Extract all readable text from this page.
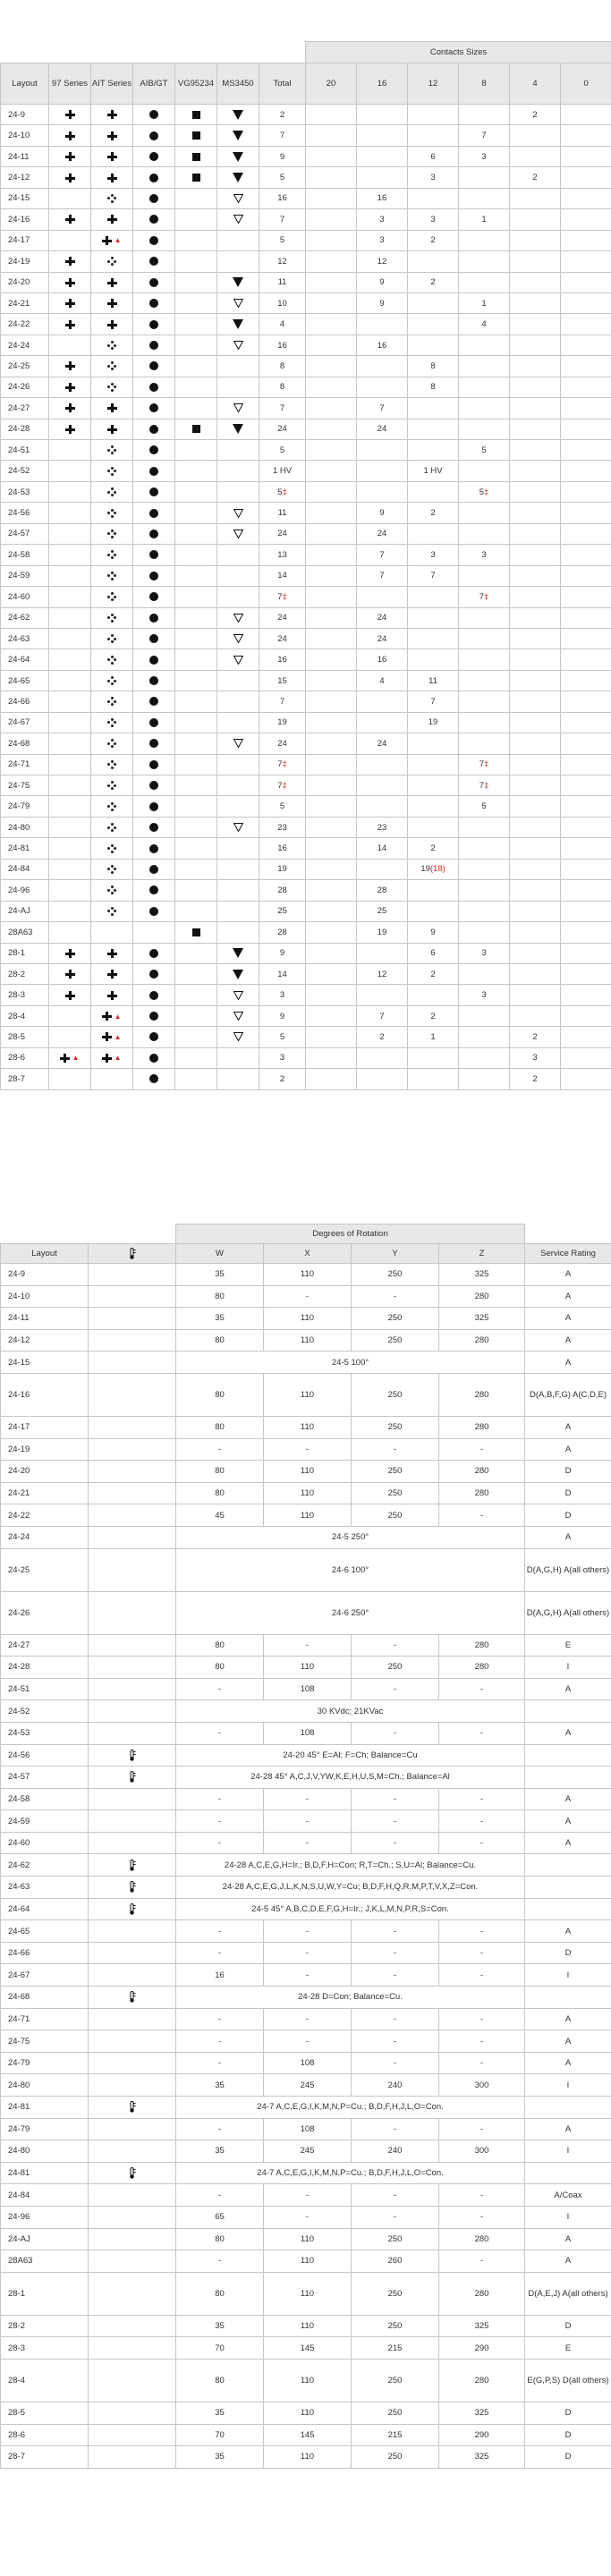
							Contacts Sizes					
Layout	97 Series	AIT Series	AIB/GT	VG95234	MS3450	Total	20	16	12	8	4	0
24-9						2					2	
24-10						7				7		
24-11						9			6	3		
24-12						5			3		2	
24-15						16		16				
24-16						7		3	3	1		
24-17		▲				5		3	2			
24-19						12		12				
24-20						11		9	2			
24-21						10		9		1		
24-22						4				4		
24-24						16		16				
24-25						8			8			
24-26						8			8			
24-27						7		7				
24-28						24		24				
24-51						5				5		
24-52						1 HV			1 HV			
24-53						5‡				5‡		
24-56						11		9	2			
24-57						24		24				
24-58						13		7	3	3		
24-59						14		7	7			
24-60						7‡				7‡		
24-62						24		24				
24-63						24		24				
24-64						16		16				
24-65						15		4	11			
24-66						7			7			
24-67						19			19			
24-68						24		24				
24-71						7‡				7‡		
24-75						7‡				7‡		
24-79						5				5		
24-80						23		23				
24-81						16		14	2			
24-84						19			19(18)			
24-96						28		28				
24-AJ						25		25				
28A63						28		19	9			
28-1						9			6	3		
28-2						14		12	2			
28-3						3				3		
28-4		▲				9		7	2			
28-5		▲				5		2	1		2	
28-6	▲	▲				3					3	
28-7						2					2	
		Degrees of Rotation				
Layout		W	X	Y	Z	Service Rating
24-9		35	110	250	325	A
24-10		80	-	-	280	A
24-11		35	110	250	325	A
24-12		80	110	250	280	A
24-15		24-5 100°				A
24-16		80	110	250	280	D(A,B,F,G) A(C,D,E)
24-17		80	110	250	280	A
24-19		-	-	-	-	A
24-20		80	110	250	280	D
24-21		80	110	250	280	D
24-22		45	110	250	-	D
24-24		24-5 250°				A
24-25		24-6 100°				D(A,G,H) A(all others)
24-26		24-6 250°				D(A,G,H) A(all others)
24-27		80	-	-	280	E
24-28		80	110	250	280	I
24-51		-	108	-	-	A
24-52		30 KVdc; 21KVac				
24-53		-	108	-	-	A
24-56		24-20 45° E=Al; F=Ch; Balance=Cu				
24-57		24-28 45° A,C,J,V,YW,K,E,H,U,S,M=Ch.; Balance=Al				
24-58		-	-	-	-	A
24-59		-	-	-	-	A
24-60		-	-	-	-	A
24-62		24-28 A,C,E,G,H=Ir.; B,D,F,H=Con; R,T=Ch.; S,U=Al; Balance=Cu.				
24-63		24-28 A,C,E,G,J,L,K,N,S,U,W,Y=Cu; B,D,F,H,Q,R,M,P,T,V,X,Z=Con.				
24-64		24-5 45° A,B,C,D,E,F,G,H=Ir.; J,K,L,M,N,P,R,S=Con.				
24-65		-	-	-	-	A
24-66		-	-	-	-	D
24-67		16	-	-	-	I
24-68		24-28 D=Con; Balance=Cu.				
24-71		-	-	-	-	A
24-75		-	-	-	-	A
24-79		-	108	-	-	A
24-80		35	245	240	300	I
24-81		24-7 A,C,E,G,I,K,M,N,P=Cu.; B,D,F,H,J,L,O=Con.				
24-79		-	108	-	-	A
24-80		35	245	240	300	I
24-81		24-7 A,C,E,G,I,K,M,N,P=Cu.; B,D,F,H,J,L,O=Con.				
24-84		-	-	-	-	A/Coax
24-96		65	-	-	-	I
24-AJ		80	110	250	280	A
28A63		-	110	260	-	A
28-1		80	110	250	280	D(A,E,J) A(all others)
28-2		35	110	250	325	D
28-3		70	145	215	290	E
28-4		80	110	250	280	E(G,P,S) D(all others)
28-5		35	110	250	325	D
28-6		70	145	215	290	D
28-7		35	110	250	325	D
